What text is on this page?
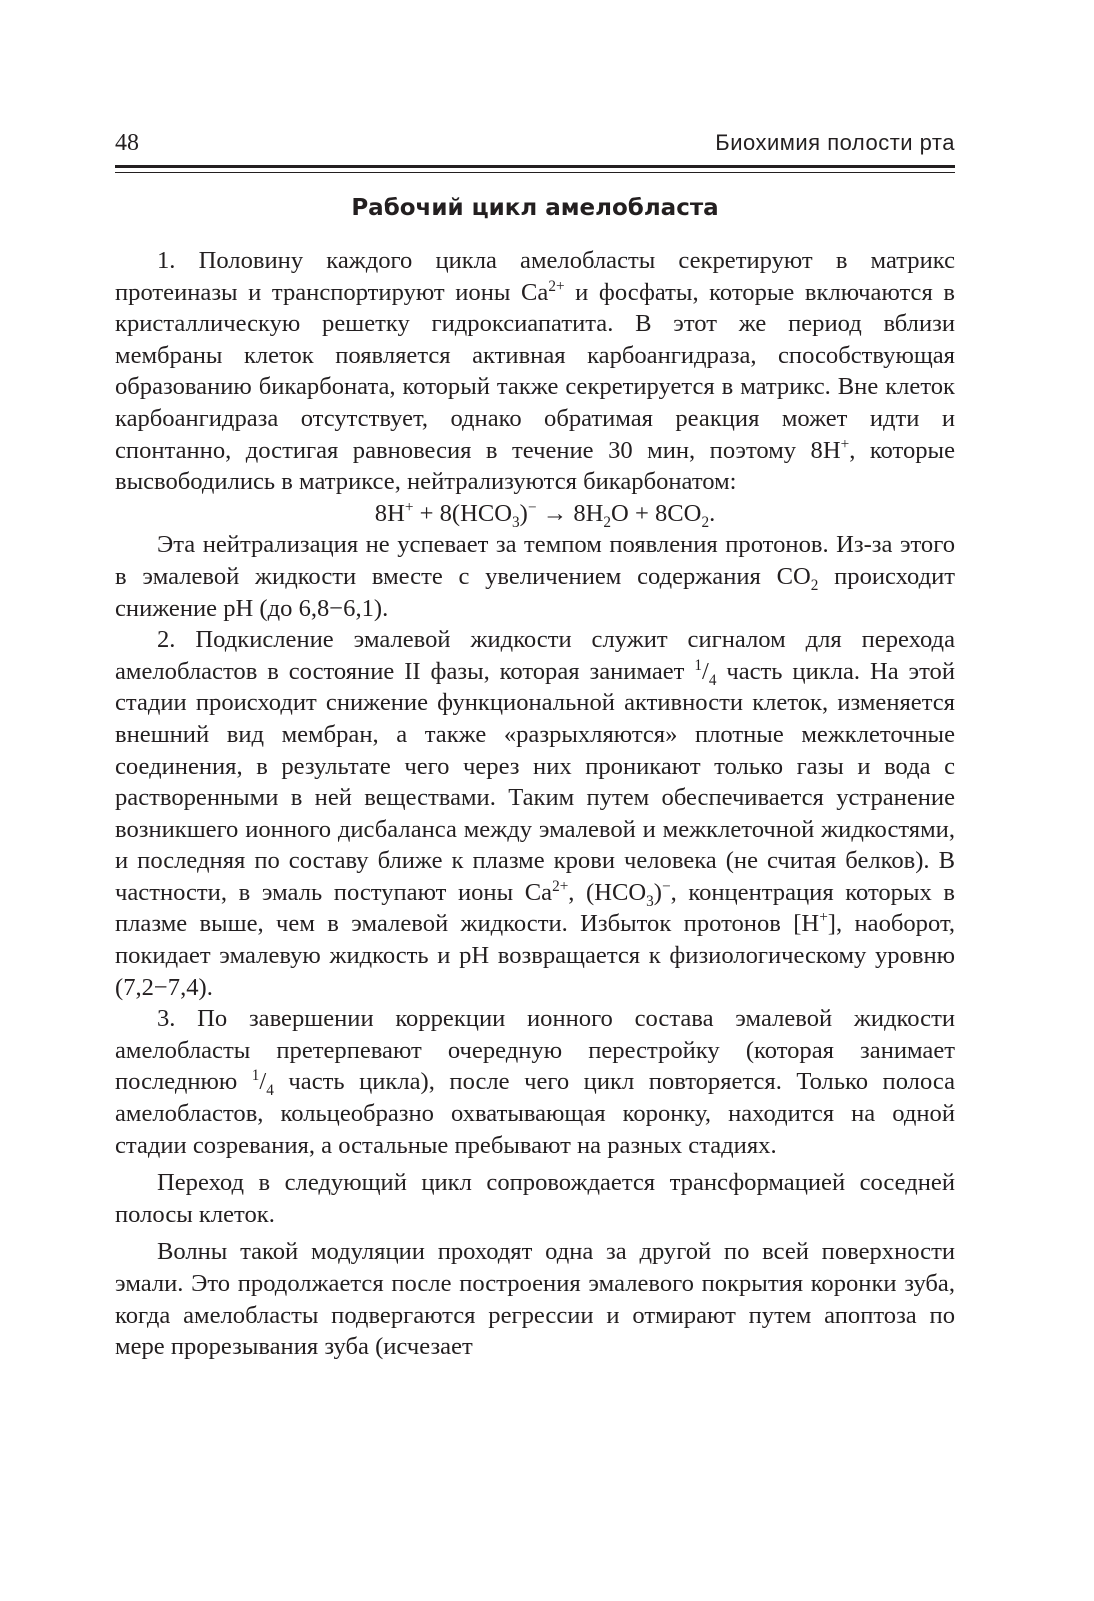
48	Биохимия полости рта
Рабочий цикл амелобласта

1. Половину каждого цикла амелобласты секретируют в матрикс протеиназы и транспортируют ионы $Ca^{2+}$ и фосфаты, которые включаются в кристаллическую решетку гидроксиапатита. В этот же период вблизи мембраны клеток появляется активная карбоангидраза, способствующая образованию бикарбоната, который также секретируется в матрикс. Вне клеток карбоангидраза отсутствует, однако обратимая реакция может идти и спонтанно, достигая равновесия в течение 30 мин, поэтому 8H+, которые высвободились в матриксе, нейтрализуются бикарбонатом:

$8H^+ + 8(HCO_3)^- \to 8H_2O + 8CO_2$.

Эта нейтрализация не успевает за темпом появления протонов. Из-за этого в эмалевой жидкости вместе с увеличением содержания $CO_2$ происходит снижение pH (до 6,8−6,1).

2. Подкисление эмалевой жидкости служит сигналом для перехода амелобластов в состояние II фазы, которая занимает $^1/_4$ часть цикла. На этой стадии происходит снижение функциональной активности клеток, изменяется внешний вид мембран, а также «разрыхляются» плотные межклеточные соединения, в результате чего через них проникают только газы и вода с растворенными в ней веществами. Таким путем обеспечивается устранение возникшего ионного дисбаланса между эмалевой и межклеточной жидкостями, и последняя по составу ближе к плазме крови человека (не считая белков). В частности, в эмаль поступают ионы $Ca^{2+}$, $(HCO_3)^-$, концентрация которых в плазме выше, чем в эмалевой жидкости. Избыток протонов [H+], наоборот, покидает эмалевую жидкость и pH возвращается к физиологическому уровню (7,2−7,4).

3. По завершении коррекции ионного состава эмалевой жидкости амелобласты претерпевают очередную перестройку (которая занимает последнюю $^1/_4$ часть цикла), после чего цикл повторяется. Только полоса амелобластов, кольцеобразно охватывающая коронку, находится на одной стадии созревания, а остальные пребывают на разных стадиях.

Переход в следующий цикл сопровождается трансформацией соседней полосы клеток.

Волны такой модуляции проходят одна за другой по всей поверхности эмали. Это продолжается после построения эмалевого покрытия коронки зуба, когда амелобласты подвергаются регрессии и отмирают путем апоптоза по мере прорезывания зуба (исчезает
